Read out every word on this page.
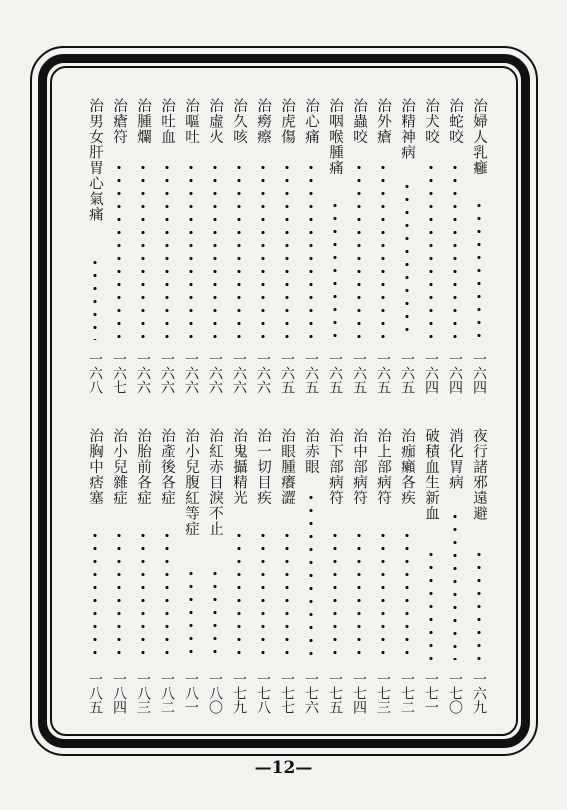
治婦人乳癰
一六四
治蛇咬
一六四
治犬咬
一六四
治精神病
一六五
治外瘡
一六五
治蟲咬
一六五
治咽喉腫痛
一六五
治心痛
一六五
治虎傷
一六五
治癆瘵
一六六
治久咳
一六六
治虛火
一六六
治嘔吐
一六六
治吐血
一六六
治腫爛
一六六
治瘡符
一六七
治男女肝胃心氣痛
一六八
夜行諸邪遠避
一六九
消化胃病
一七〇
破積血生新血
一七一
治痂癩各疾
一七二
治上部病符
一七三
治中部病符
一七四
治下部病符
一七五
治赤眼
一七六
治眼腫癢澀
一七七
治一切目疾
一七八
治鬼攝精光
一七九
治紅赤目淚不止
一八〇
治小兒腹紅等症
一八一
治產後各症
一八二
治胎前各症
一八三
治小兒雜症
一八四
治胸中痞塞
一八五
—12—
